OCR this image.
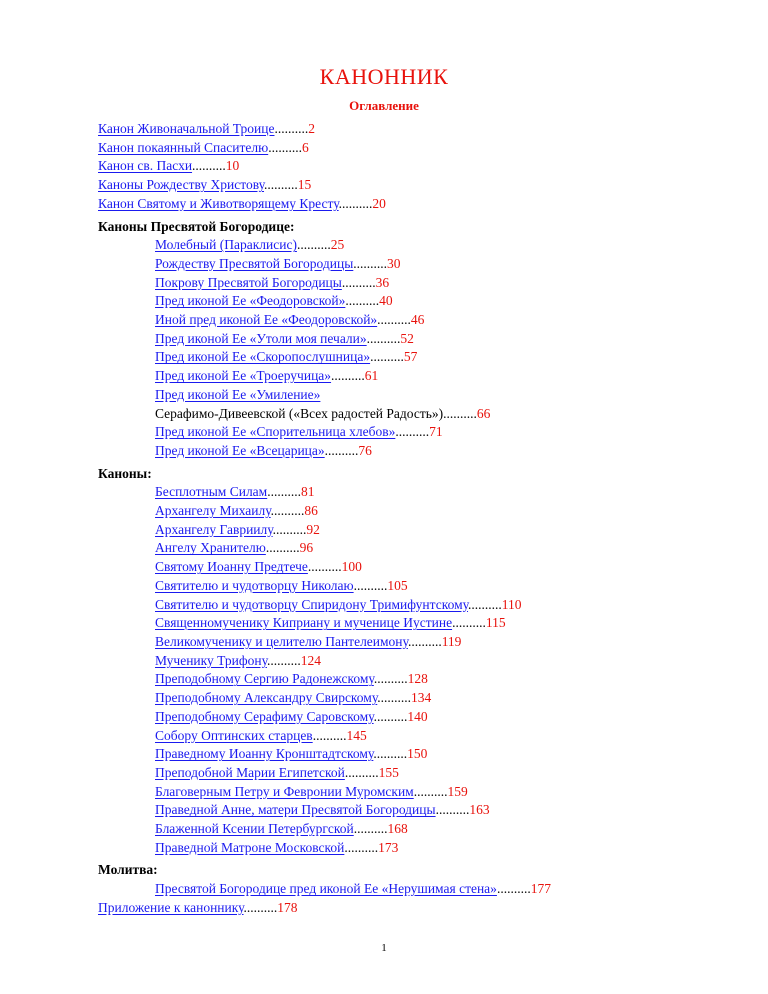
КАНОННИК
Оглавление
Канон Живоначальной Троице..........2
Канон покаянный Спасителю..........6
Канон св. Пасхи..........10
Каноны Рождеству Христову..........15
Канон Святому и Животворящему Кресту..........20
Каноны Пресвятой Богородице:
Молебный (Параклисис)..........25
Рождеству Пресвятой Богородицы..........30
Покрову Пресвятой Богородицы..........36
Пред иконой Ее «Феодоровской»..........40
Иной пред иконой Ее «Феодоровской»..........46
Пред иконой Ее «Утоли моя печали»..........52
Пред иконой Ее «Скоропослушница»..........57
Пред иконой Ее «Троеручица»..........61
Пред иконой Ее «Умиление»
Серафимо-Дивеевской («Всех радостей Радость»)..........66
Пред иконой Ее «Спорительница хлебов»..........71
Пред иконой Ее «Всецарица»..........76
Каноны:
Бесплотным Силам..........81
Архангелу Михаилу..........86
Архангелу Гавриилу..........92
Ангелу Хранителю..........96
Святому Иоанну Предтече..........100
Святителю и чудотворцу Николаю..........105
Святителю и чудотворцу Спиридону Тримифунтскому..........110
Священномученику Киприану и мученице Иустине..........115
Великомученику и целителю Пантелеимону..........119
Мученику Трифону..........124
Преподобному Сергию Радонежскому..........128
Преподобному Александру Свирскому..........134
Преподобному Серафиму Саровскому..........140
Собору Оптинских старцев..........145
Праведному Иоанну Кронштадтскому..........150
Преподобной Марии Египетской..........155
Благоверным Петру и Февронии Муромским..........159
Праведной Анне, матери Пресвятой Богородицы..........163
Блаженной Ксении Петербургской..........168
Праведной Матроне Московской..........173
Молитва:
Пресвятой Богородице пред иконой Ее «Нерушимая стена»..........177
Приложение к каноннику..........178
1
